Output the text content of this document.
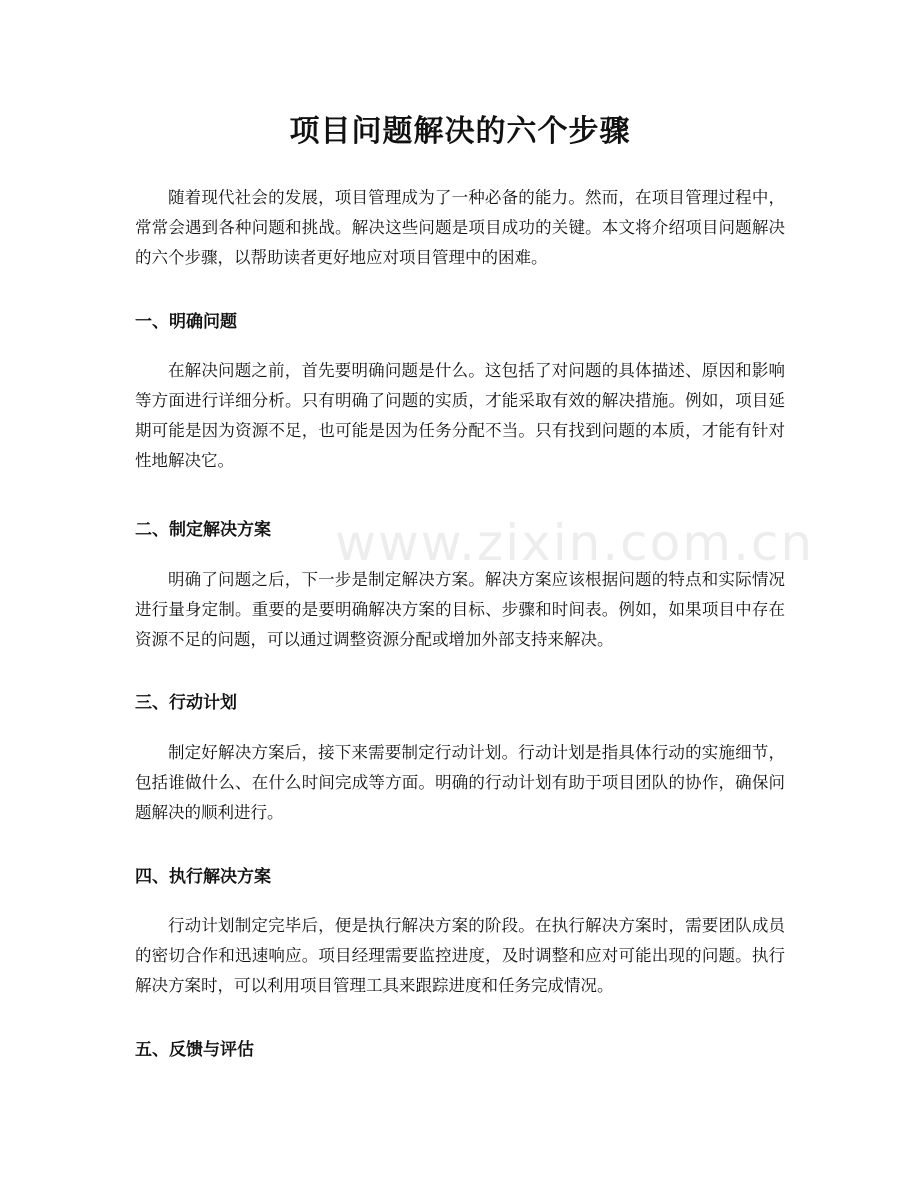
www.zixin.com.cn
项目问题解决的六个步骤
随着现代社会的发展，项目管理成为了一种必备的能力。然而，在项目管理过程中，常常会遇到各种问题和挑战。解决这些问题是项目成功的关键。本文将介绍项目问题解决的六个步骤，以帮助读者更好地应对项目管理中的困难。
一、明确问题
在解决问题之前，首先要明确问题是什么。这包括了对问题的具体描述、原因和影响等方面进行详细分析。只有明确了问题的实质，才能采取有效的解决措施。例如，项目延期可能是因为资源不足，也可能是因为任务分配不当。只有找到问题的本质，才能有针对性地解决它。
二、制定解决方案
明确了问题之后，下一步是制定解决方案。解决方案应该根据问题的特点和实际情况进行量身定制。重要的是要明确解决方案的目标、步骤和时间表。例如，如果项目中存在资源不足的问题，可以通过调整资源分配或增加外部支持来解决。
三、行动计划
制定好解决方案后，接下来需要制定行动计划。行动计划是指具体行动的实施细节，包括谁做什么、在什么时间完成等方面。明确的行动计划有助于项目团队的协作，确保问题解决的顺利进行。
四、执行解决方案
行动计划制定完毕后，便是执行解决方案的阶段。在执行解决方案时，需要团队成员的密切合作和迅速响应。项目经理需要监控进度，及时调整和应对可能出现的问题。执行解决方案时，可以利用项目管理工具来跟踪进度和任务完成情况。
五、反馈与评估
